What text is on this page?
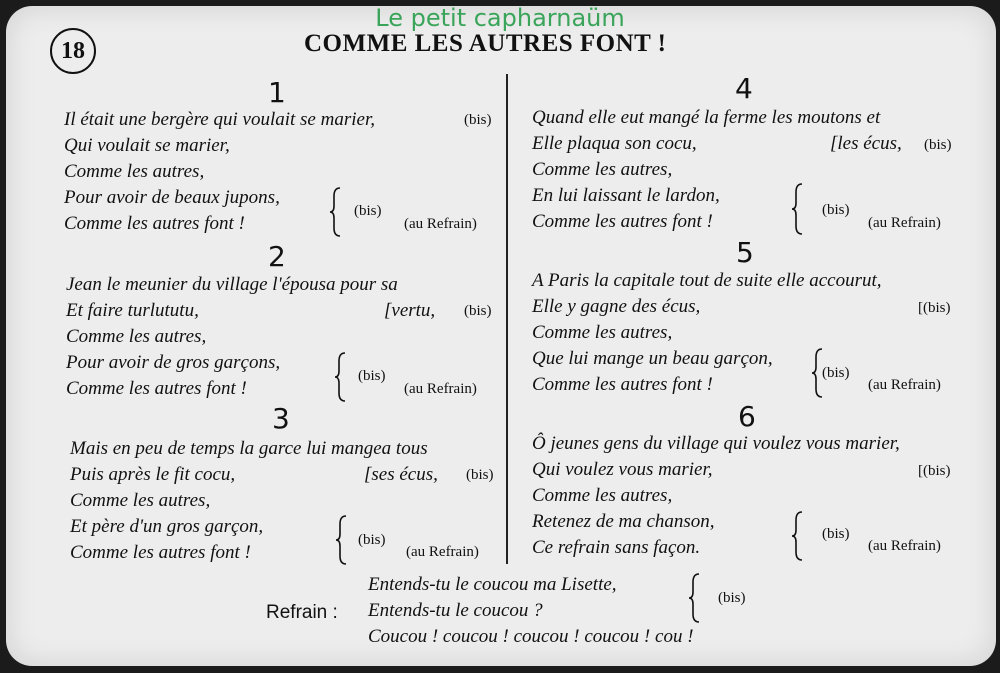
Le petit capharnaüm
18	COMME LES AUTRES FONT !
1
Il était une bergère qui voulait se marier,	(bis)
Qui voulait se marier,
Comme les autres,
Pour avoir de beaux jupons,
Comme les autres font !
(bis)
(au Refrain)
2
Jean le meunier du village l'épousa pour sa
Et faire turlututu,	[vertu, (bis)
Comme les autres,
Pour avoir de gros garçons,
Comme les autres font !
(bis)
(au Refrain)
3
Mais en peu de temps la garce lui mangea tous
Puis après le fit cocu,	[ses écus, (bis)
Comme les autres,
Et père d'un gros garçon,
Comme les autres font !
(bis)
(au Refrain)
4
Quand elle eut mangé la ferme les moutons et
Elle plaqua son cocu,	[les écus, (bis)
Comme les autres,
En lui laissant le lardon,
Comme les autres font !
(bis)
(au Refrain)
5
A Paris la capitale tout de suite elle accourut,
Elle y gagne des écus,	[(bis)
Comme les autres,
Que lui mange un beau garçon,
Comme les autres font !
(bis)
(au Refrain)
6
Ô jeunes gens du village qui voulez vous marier,
Qui voulez vous marier,	[(bis)
Comme les autres,
Retenez de ma chanson,
Ce refrain sans façon.
(bis)
(au Refrain)
Refrain :
Entends-tu le coucou ma Lisette,
Entends-tu le coucou ?
Coucou ! coucou ! coucou ! coucou ! cou !
(bis)
